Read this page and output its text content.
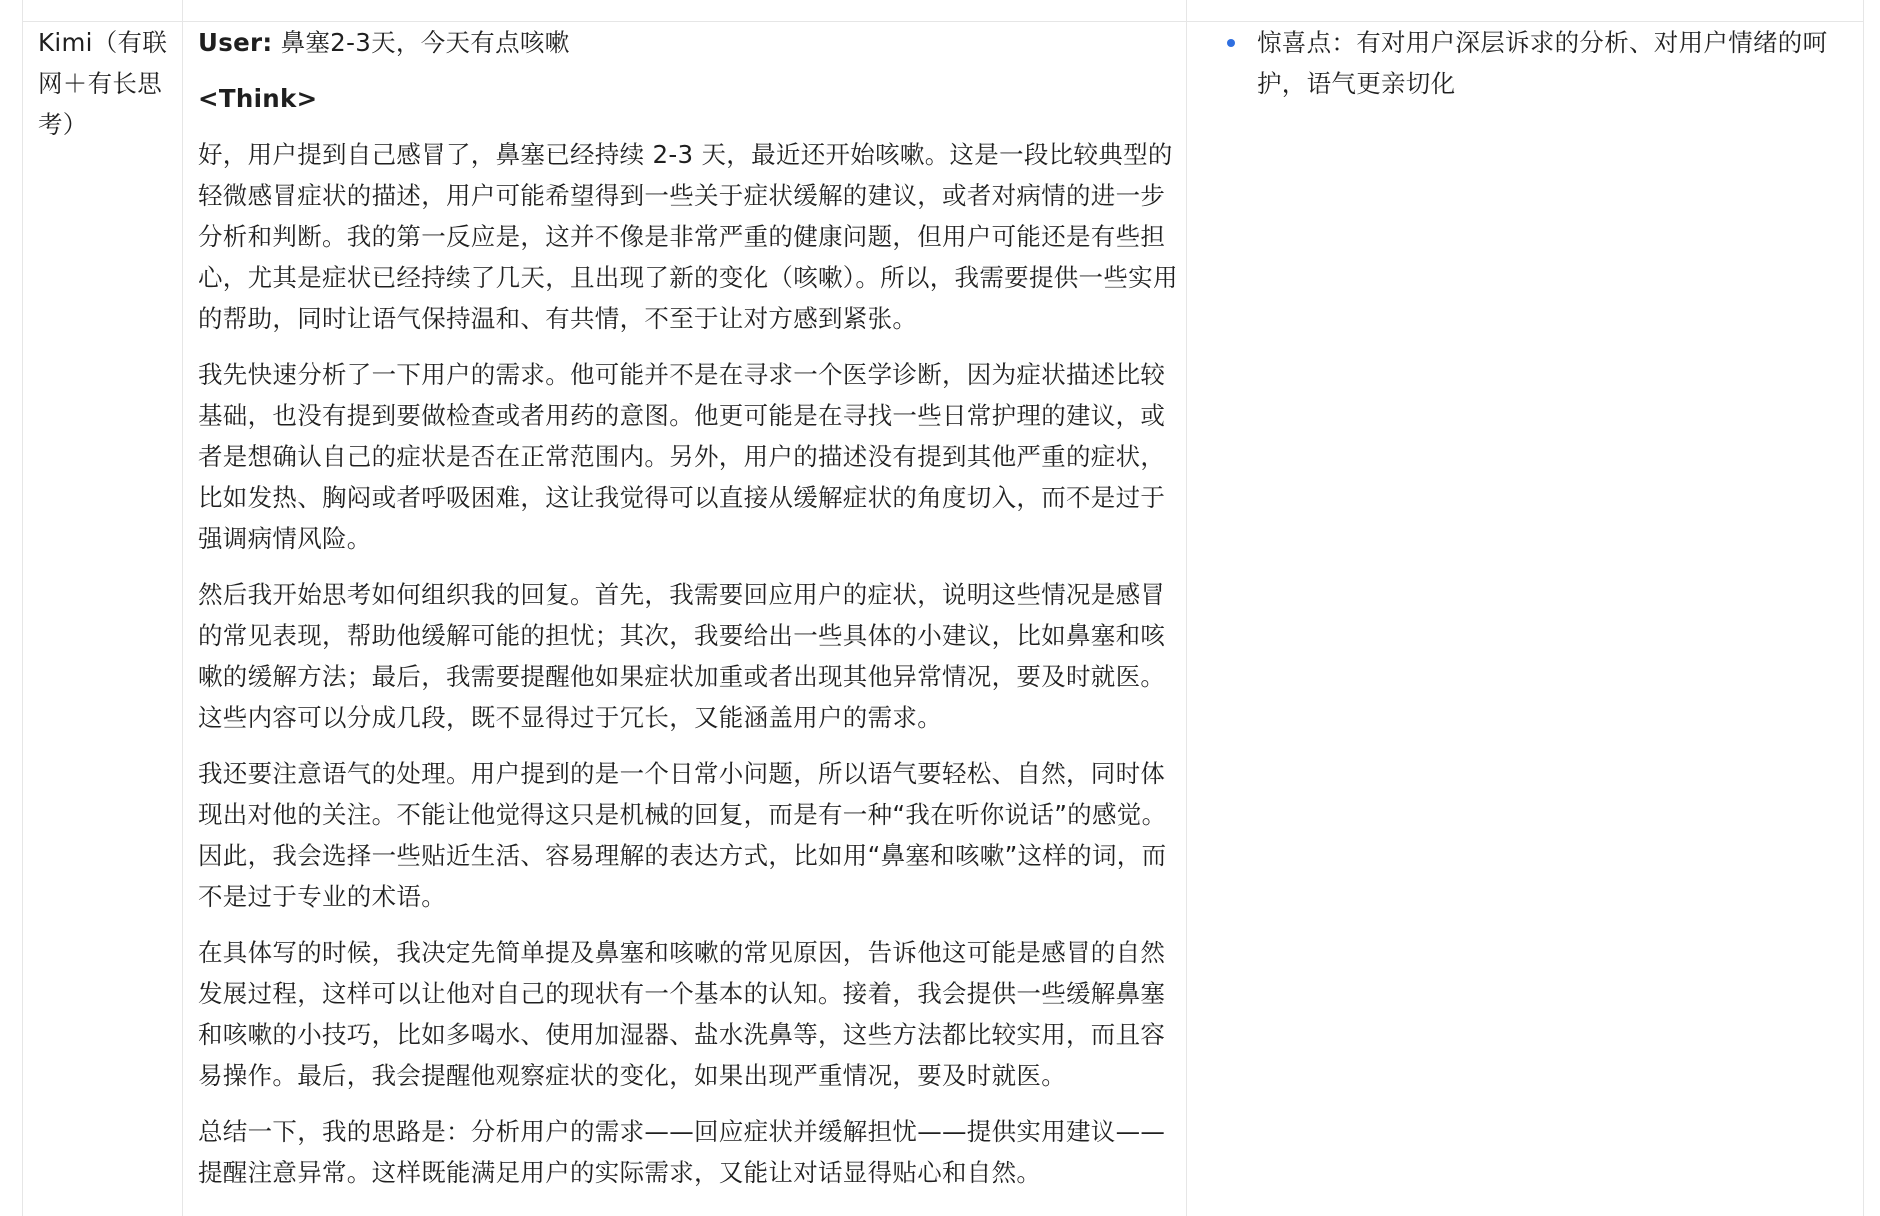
Kimi（有联网＋有长思考）
User: 鼻塞2-3天，今天有点咳嗽
<Think>
好，用户提到自己感冒了，鼻塞已经持续 2-3 天，最近还开始咳嗽。这是一段比较典型的轻微感冒症状的描述，用户可能希望得到一些关于症状缓解的建议，或者对病情的进一步分析和判断。我的第一反应是，这并不像是非常严重的健康问题，但用户可能还是有些担心，尤其是症状已经持续了几天，且出现了新的变化（咳嗽）。所以，我需要提供一些实用的帮助，同时让语气保持温和、有共情，不至于让对方感到紧张。
我先快速分析了一下用户的需求。他可能并不是在寻求一个医学诊断，因为症状描述比较基础，也没有提到要做检查或者用药的意图。他更可能是在寻找一些日常护理的建议，或者是想确认自己的症状是否在正常范围内。另外，用户的描述没有提到其他严重的症状，比如发热、胸闷或者呼吸困难，这让我觉得可以直接从缓解症状的角度切入，而不是过于强调病情风险。
然后我开始思考如何组织我的回复。首先，我需要回应用户的症状，说明这些情况是感冒的常见表现，帮助他缓解可能的担忧；其次，我要给出一些具体的小建议，比如鼻塞和咳嗽的缓解方法；最后，我需要提醒他如果症状加重或者出现其他异常情况，要及时就医。这些内容可以分成几段，既不显得过于冗长，又能涵盖用户的需求。
我还要注意语气的处理。用户提到的是一个日常小问题，所以语气要轻松、自然，同时体现出对他的关注。不能让他觉得这只是机械的回复，而是有一种“我在听你说话”的感觉。因此，我会选择一些贴近生活、容易理解的表达方式，比如用“鼻塞和咳嗽”这样的词，而不是过于专业的术语。
在具体写的时候，我决定先简单提及鼻塞和咳嗽的常见原因，告诉他这可能是感冒的自然发展过程，这样可以让他对自己的现状有一个基本的认知。接着，我会提供一些缓解鼻塞和咳嗽的小技巧，比如多喝水、使用加湿器、盐水洗鼻等，这些方法都比较实用，而且容易操作。最后，我会提醒他观察症状的变化，如果出现严重情况，要及时就医。
总结一下，我的思路是：分析用户的需求——回应症状并缓解担忧——提供实用建议——提醒注意异常。这样既能满足用户的实际需求，又能让对话显得贴心和自然。
惊喜点：有对用户深层诉求的分析、对用户情绪的呵护，语气更亲切化
